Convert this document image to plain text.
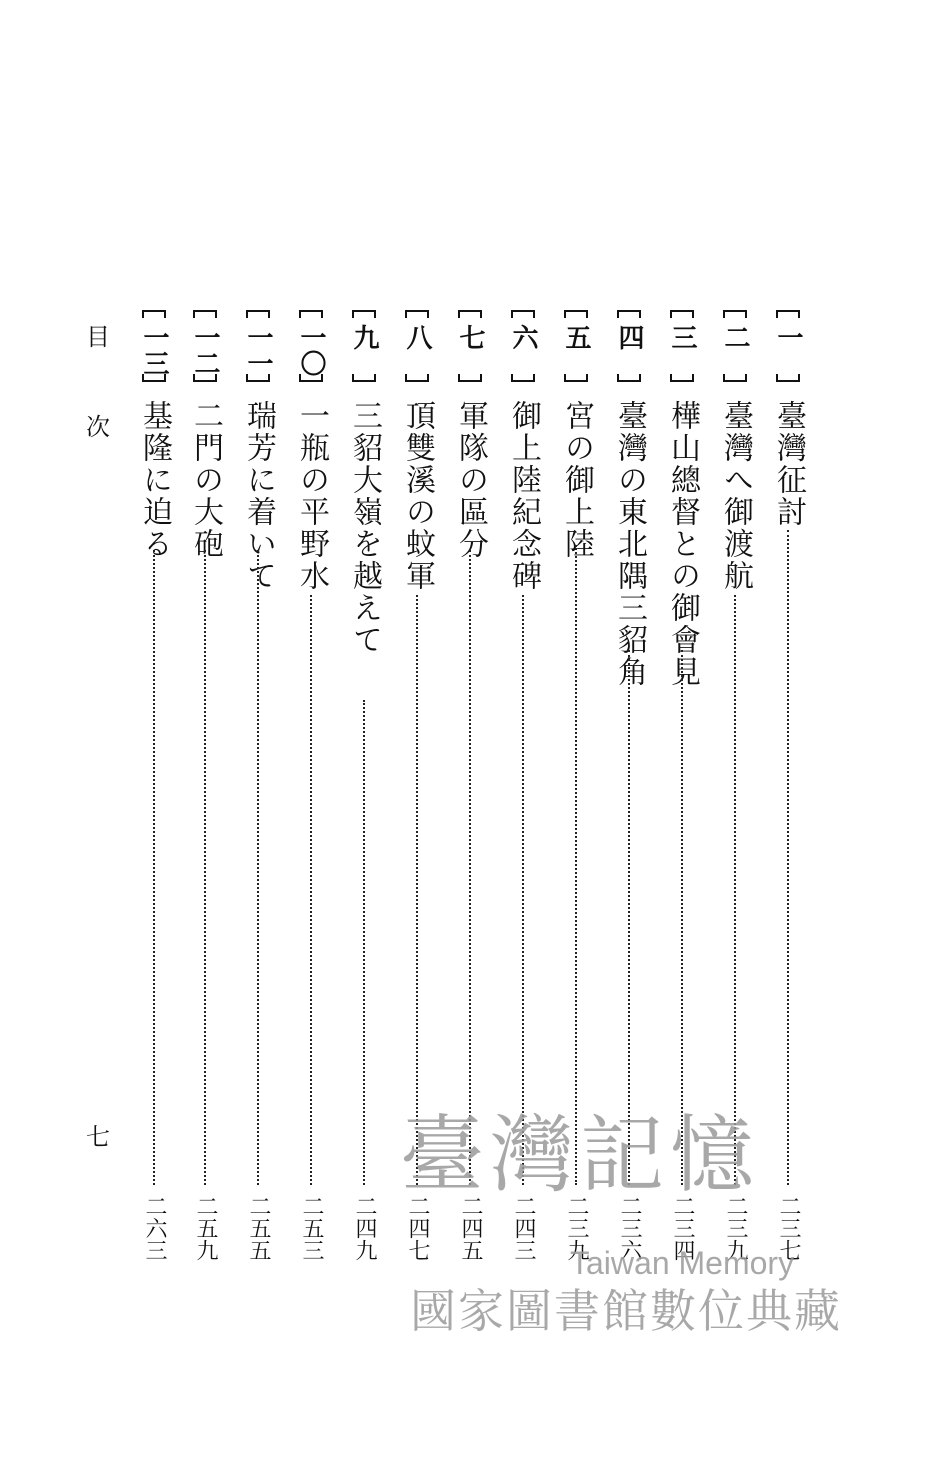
目
次
七
一
臺灣征討
二三七
二
臺灣へ御渡航
二三九
三
樺山總督との御會見
二三四
四
臺灣の東北隅三貂角
二三六
五
宮の御上陸
二三九
六
御上陸紀念碑
二四三
七
軍隊の區分
二四五
八
頂雙溪の蚊軍
二四七
九
三貂大嶺を越えて
二四九
一〇
一瓶の平野水
二五三
一一
瑞芳に着いて
二五五
一二
二門の大砲
二五九
一三
基隆に迫る
二六三
臺灣記憶
Taiwan Memory
國家圖書館數位典藏
